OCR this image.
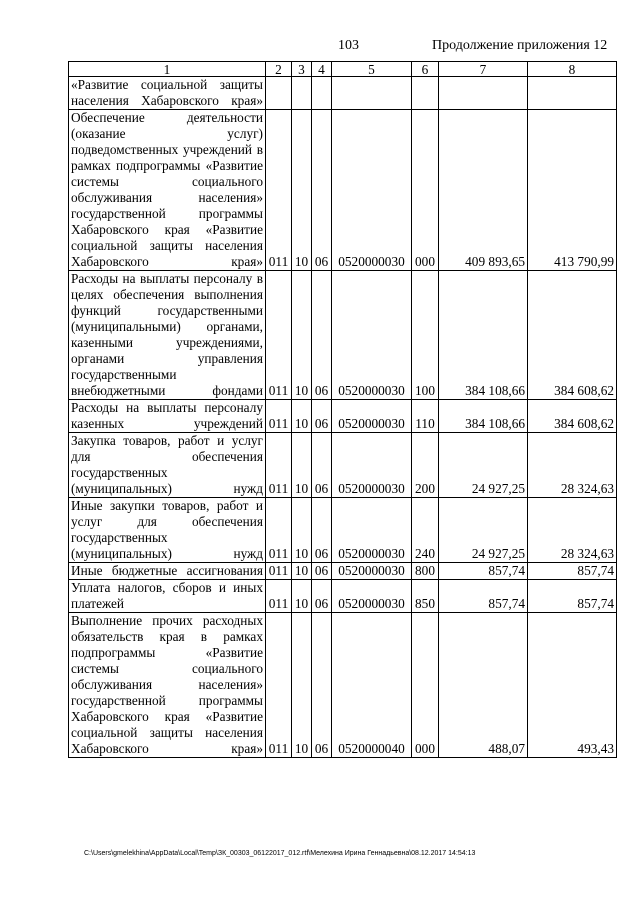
103	Продолжение приложения 12
1	2	3	4	5	6	7	8
«Развитие социальной защиты населения Хабаровского края»							
Обеспечение деятельности (оказание услуг) подведомственных учреждений в рамках подпрограммы «Развитие системы социального обслуживания населения» государственной программы Хабаровского края «Развитие социальной защиты населения Хабаровского края»	011	10	06	0520000030	000	409 893,65	413 790,99
Расходы на выплаты персоналу в целях обеспечения выполнения функций государственными (муниципальными) органами, казенными учреждениями, органами управления государственными внебюджетными фондами	011	10	06	0520000030	100	384 108,66	384 608,62
Расходы на выплаты персоналу казенных учреждений	011	10	06	0520000030	110	384 108,66	384 608,62
Закупка товаров, работ и услуг для обеспечения государственных (муниципальных) нужд	011	10	06	0520000030	200	24 927,25	28 324,63
Иные закупки товаров, работ и услуг для обеспечения государственных (муниципальных) нужд	011	10	06	0520000030	240	24 927,25	28 324,63
Иные бюджетные ассигнования	011	10	06	0520000030	800	857,74	857,74
Уплата налогов, сборов и иных платежей	011	10	06	0520000030	850	857,74	857,74
Выполнение прочих расходных обязательств края в рамках подпрограммы «Развитие системы социального обслуживания населения» государственной программы Хабаровского края «Развитие социальной защиты населения Хабаровского края»	011	10	06	0520000040	000	488,07	493,43
C:\Users\gmelekhina\AppData\Local\Temp\ЗК_00303_06122017_012.rtf\Мелехина Ирина Геннадьевна\08.12.2017 14:54:13
